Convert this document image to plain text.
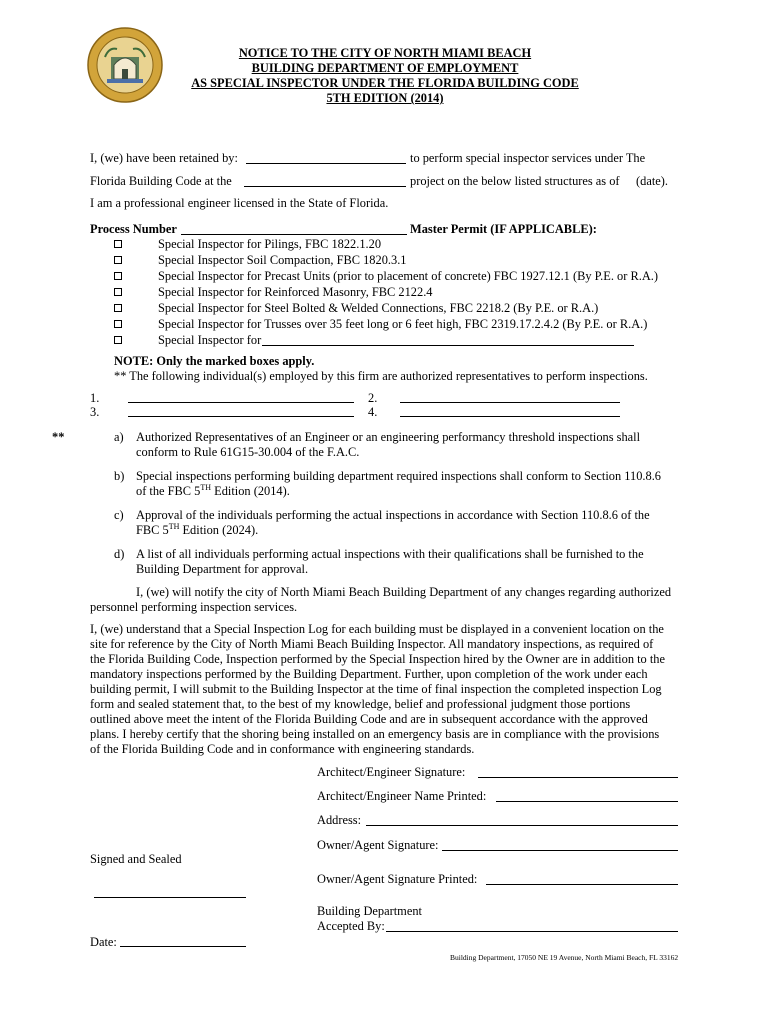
NOTICE TO THE CITY OF NORTH MIAMI BEACH
BUILDING DEPARTMENT OF EMPLOYMENT
AS SPECIAL INSPECTOR UNDER THE FLORIDA BUILDING CODE
5TH EDITION (2014)
I, (we) have been retained by:	to perform special inspector services under The
Florida Building Code at the	project on the below listed structures as of (date).
I am a professional engineer licensed in the State of Florida.
Process Number	Master Permit (IF APPLICABLE):
Special Inspector for Pilings, FBC 1822.1.20
Special Inspector Soil Compaction, FBC 1820.3.1
Special Inspector for Precast Units (prior to placement of concrete) FBC 1927.12.1 (By P.E. or R.A.)
Special Inspector for Reinforced Masonry, FBC 2122.4
Special Inspector for Steel Bolted & Welded Connections, FBC 2218.2 (By P.E. or R.A.)
Special Inspector for Trusses over 35 feet long or 6 feet high, FBC 2319.17.2.4.2 (By P.E. or R.A.)
Special Inspector for
NOTE: Only the marked boxes apply.
** The following individual(s) employed by this firm are authorized representatives to perform inspections.
1.	2.
3.	4.
**	a) Authorized Representatives of an Engineer or an engineering performancy threshold inspections shall
conform to Rule 61G15-30.004 of the F.A.C.
b) Special inspections performing building department required inspections shall conform to Section 110.8.6
of the FBC 5TH Edition (2014).
c) Approval of the individuals performing the actual inspections in accordance with Section 110.8.6 of the
FBC 5TH Edition (2024).
d) A list of all individuals performing actual inspections with their qualifications shall be furnished to the
Building Department for approval.
I, (we) will notify the city of North Miami Beach Building Department of any changes regarding authorized
personnel performing inspection services.
I, (we) understand that a Special Inspection Log for each building must be displayed in a convenient location on the
site for reference by the City of North Miami Beach Building Inspector. All mandatory inspections, as required of
the Florida Building Code, Inspection performed by the Special Inspection hired by the Owner are in addition to the
mandatory inspections performed by the Building Department. Further, upon completion of the work under each
building permit, I will submit to the Building Inspector at the time of final inspection the completed inspection Log
form and sealed statement that, to the best of my knowledge, belief and professional judgment those portions
outlined above meet the intent of the Florida Building Code and are in subsequent accordance with the approved
plans. I hereby certify that the shoring being installed on an emergency basis are in compliance with the provisions
of the Florida Building Code and in conformance with engineering standards.
Architect/Engineer Signature:
Architect/Engineer Name Printed:
Address:
Owner/Agent Signature:
Signed and Sealed
Owner/Agent Signature Printed:
Building Department
Accepted By:
Date:
Building Department, 17050 NE 19 Avenue, North Miami Beach, FL 33162
